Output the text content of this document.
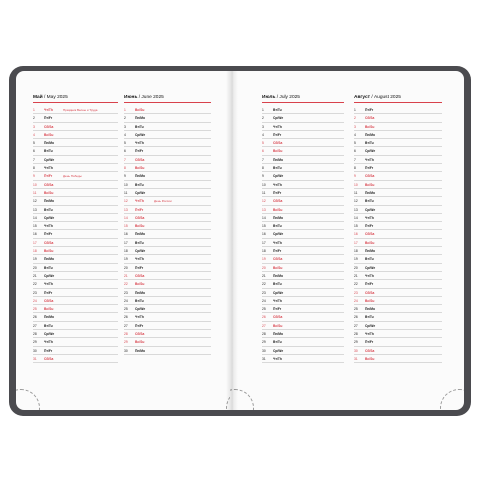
Май / May 2025
1	Чт/Th	Праздник Весны и Труда
2	Пт/Fr
3	Сб/Sa
4	Вс/Su
5	Пн/Mo
6	Вт/Tu
7	Ср/We
8	Чт/Th
9	Пт/Fr	День Победы
10 Сб/Sa
11 Вс/Su
12 Пн/Mo
13 Вт/Tu
14 Ср/We
15 Чт/Th
16 Пт/Fr
17 Сб/Sa
18 Вс/Su
19 Пн/Mo
20 Вт/Tu
21 Ср/We
22 Чт/Th
23 Пт/Fr
24 Сб/Sa
25 Вс/Su
26 Пн/Mo
27 Вт/Tu
28 Ср/We
29 Чт/Th
30 Пт/Fr
31 Сб/Sa
Июнь / June 2025
1	Вс/Su
2	Пн/Mo
3	Вт/Tu
4	Ср/We
5	Чт/Th
6	Пт/Fr
7	Сб/Sa
8	Вс/Su
9	Пн/Mo
10 Вт/Tu
11 Ср/We
12 Чт/Th	День России
13 Пт/Fr
14 Сб/Sa
15 Вс/Su
16 Пн/Mo
17 Вт/Tu
18 Ср/We
19 Чт/Th
20 Пт/Fr
21 Сб/Sa
22 Вс/Su
23 Пн/Mo
24 Вт/Tu
25 Ср/We
26 Чт/Th
27 Пт/Fr
28 Сб/Sa
29 Вс/Su
30 Пн/Mo
Июль / July 2025
1	Вт/Tu
2	Ср/We
3	Чт/Th
4	Пт/Fr
5	Сб/Sa
6	Вс/Su
7	Пн/Mo
8	Вт/Tu
9	Ср/We
10 Чт/Th
11 Пт/Fr
12 Сб/Sa
13 Вс/Su
14 Пн/Mo
15 Вт/Tu
16 Ср/We
17 Чт/Th
18 Пт/Fr
19 Сб/Sa
20 Вс/Su
21 Пн/Mo
22 Вт/Tu
23 Ср/We
24 Чт/Th
25 Пт/Fr
26 Сб/Sa
27 Вс/Su
28 Пн/Mo
29 Вт/Tu
30 Ср/We
31 Чт/Th
Август / August 2025
1	Пт/Fr
2	Сб/Sa
3	Вс/Su
4	Пн/Mo
5	Вт/Tu
6	Ср/We
7	Чт/Th
8	Пт/Fr
9	Сб/Sa
10 Вс/Su
11 Пн/Mo
12 Вт/Tu
13 Ср/We
14 Чт/Th
15 Пт/Fr
16 Сб/Sa
17 Вс/Su
18 Пн/Mo
19 Вт/Tu
20 Ср/We
21 Чт/Th
22 Пт/Fr
23 Сб/Sa
24 Вс/Su
25 Пн/Mo
26 Вт/Tu
27 Ср/We
28 Чт/Th
29 Пт/Fr
30 Сб/Sa
31 Вс/Su
